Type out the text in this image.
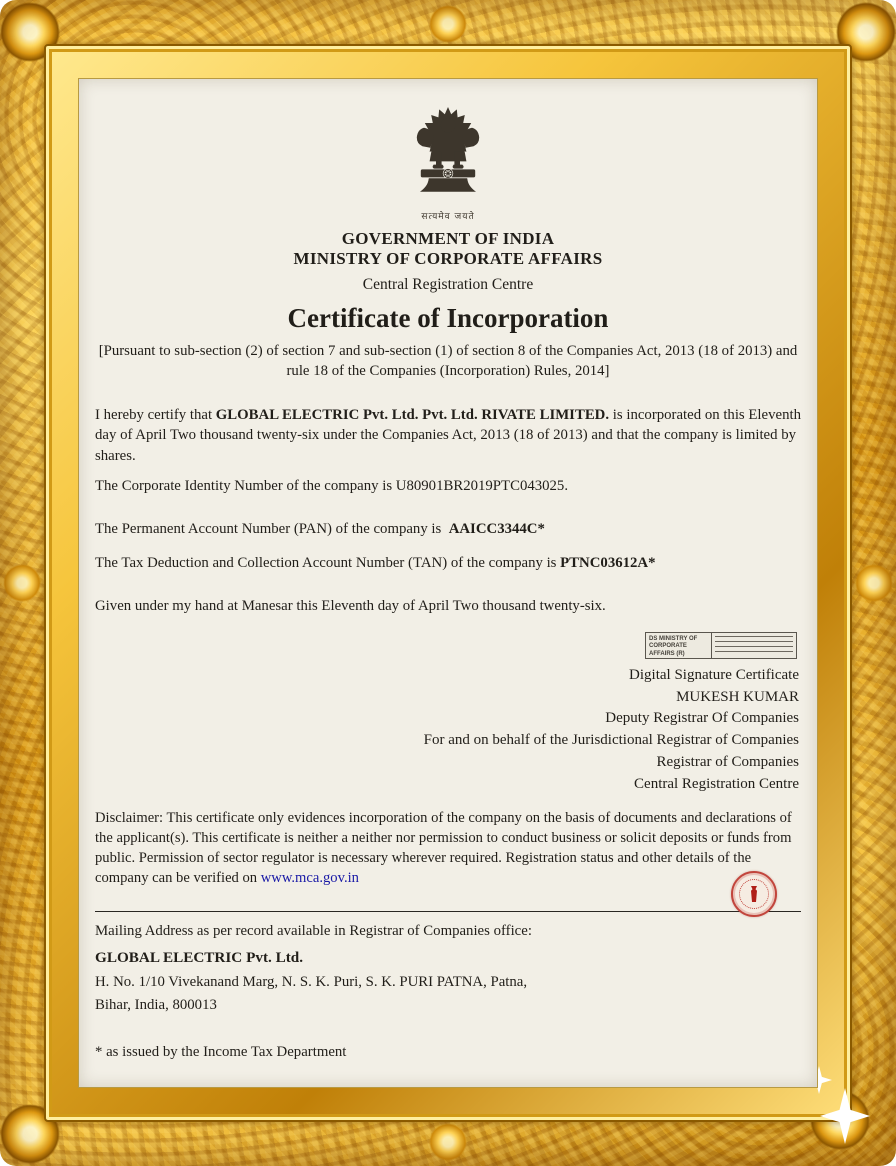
सत्यमेव जयते
GOVERNMENT OF INDIA
MINISTRY OF CORPORATE AFFAIRS
Central Registration Centre
Certificate of Incorporation
[Pursuant to sub-section (2) of section 7 and sub-section (1) of section 8 of the Companies Act, 2013 (18 of 2013) and rule 18 of the Companies (Incorporation) Rules, 2014]
I hereby certify that GLOBAL ELECTRIC Pvt. Ltd. Pvt. Ltd. RIVATE LIMITED. is incorporated on this Eleventh day of April Two thousand twenty-six under the Companies Act, 2013 (18 of 2013) and that the company is limited by shares.
The Corporate Identity Number of the company is U80901BR2019PTC043025.
The Permanent Account Number (PAN) of the company is  AAICC3344C*
The Tax Deduction and Collection Account Number (TAN) of the company is PTNC03612A*
Given under my hand at Manesar this Eleventh day of April Two thousand twenty-six.
DS MINISTRY OF
CORPORATE AFFAIRS (R)
Digital Signature Certificate
MUKESH KUMAR
Deputy Registrar Of Companies
For and on behalf of the Jurisdictional Registrar of Companies
Registrar of Companies
Central Registration Centre
Disclaimer: This certificate only evidences incorporation of the company on the basis of documents and declarations of the applicant(s). This certificate is neither a neither nor permission to conduct business or solicit deposits or funds from public. Permission of sector regulator is necessary wherever required. Registration status and other details of the company can be verified on www.mca.gov.in
Mailing Address as per record available in Registrar of Companies office:
GLOBAL ELECTRIC Pvt. Ltd.
H. No. 1/10 Vivekanand Marg, N. S. K. Puri, S. K. PURI PATNA, Patna,
Bihar, India, 800013
* as issued by the Income Tax Department
